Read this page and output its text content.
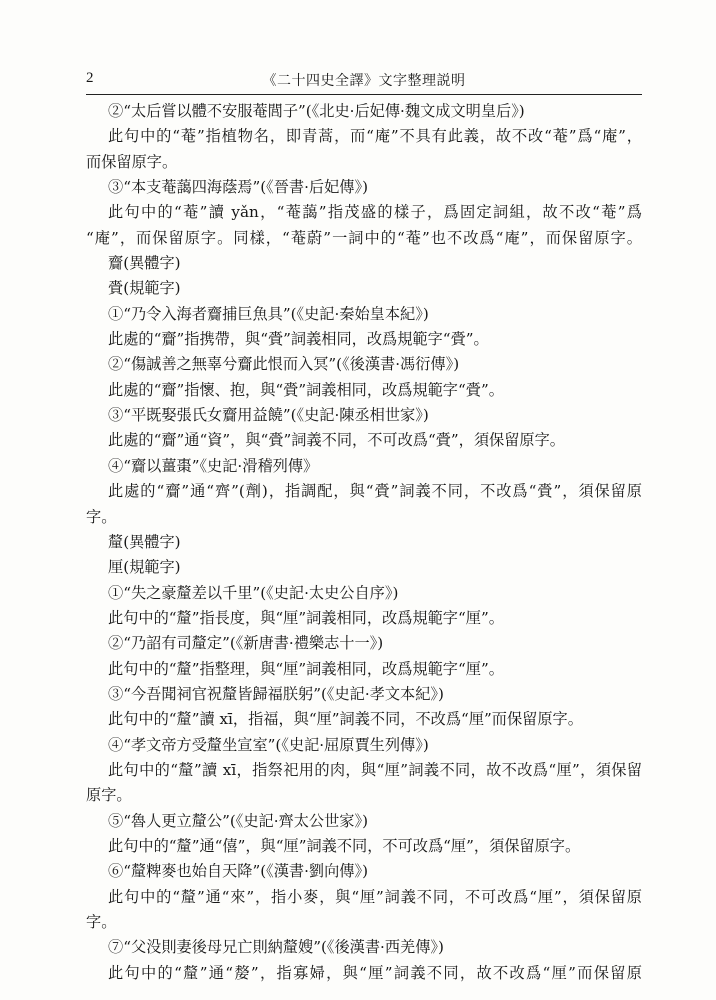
2	《二十四史全譯》文字整理説明
②“太后嘗以體不安服菴閭子”(《北史·后妃傳·魏文成文明皇后》)
此句中的“菴”指植物名，即青蒿，而“庵”不具有此義，故不改“菴”爲“庵”，
而保留原字。
③“本支菴藹四海蔭焉”(《晉書·后妃傳》)
此句中的“菴”讀 yǎn，“菴藹”指茂盛的樣子，爲固定詞組，故不改“菴”爲
“庵”，而保留原字。同樣，“菴蔚”一詞中的“菴”也不改爲“庵”，而保留原字。
齎(異體字)
賫(規範字)
①“乃令入海者齎捕巨魚具”(《史記·秦始皇本紀》)
此處的“齎”指携帶，與“賫”詞義相同，改爲規範字“賫”。
②“傷誠善之無辜兮齎此恨而入冥”(《後漢書·馮衍傳》)
此處的“齎”指懷、抱，與“賫”詞義相同，改爲規範字“賫”。
③“平既娶張氏女齎用益饒”(《史記·陳丞相世家》)
此處的“齎”通“資”，與“賫”詞義不同，不可改爲“賫”，須保留原字。
④“齎以薑棗”《史記·滑稽列傳》
此處的“齎”通“齊”(劑)，指調配，與“賫”詞義不同，不改爲“賫”，須保留原
字。
釐(異體字)
厘(規範字)
①“失之豪釐差以千里”(《史記·太史公自序》)
此句中的“釐”指長度，與“厘”詞義相同，改爲規範字“厘”。
②“乃詔有司釐定”(《新唐書·禮樂志十一》)
此句中的“釐”指整理，與“厘”詞義相同，改爲規範字“厘”。
③“今吾聞祠官祝釐皆歸福朕躬”(《史記·孝文本紀》)
此句中的“釐”讀 xī，指福，與“厘”詞義不同，不改爲“厘”而保留原字。
④“孝文帝方受釐坐宣室”(《史記·屈原賈生列傳》)
此句中的“釐”讀 xī，指祭祀用的肉，與“厘”詞義不同，故不改爲“厘”，須保留
原字。
⑤“魯人更立釐公”(《史記·齊太公世家》)
此句中的“釐”通“僖”，與“厘”詞義不同，不可改爲“厘”，須保留原字。
⑥“釐粺麥也始自天降”(《漢書·劉向傳》)
此句中的“釐”通“來”，指小麥，與“厘”詞義不同，不可改爲“厘”，須保留原
字。
⑦“父没則妻後母兄亡則納釐嫂”(《後漢書·西羌傳》)
此句中的“釐”通“嫠”，指寡婦，與“厘”詞義不同，故不改爲“厘”而保留原
